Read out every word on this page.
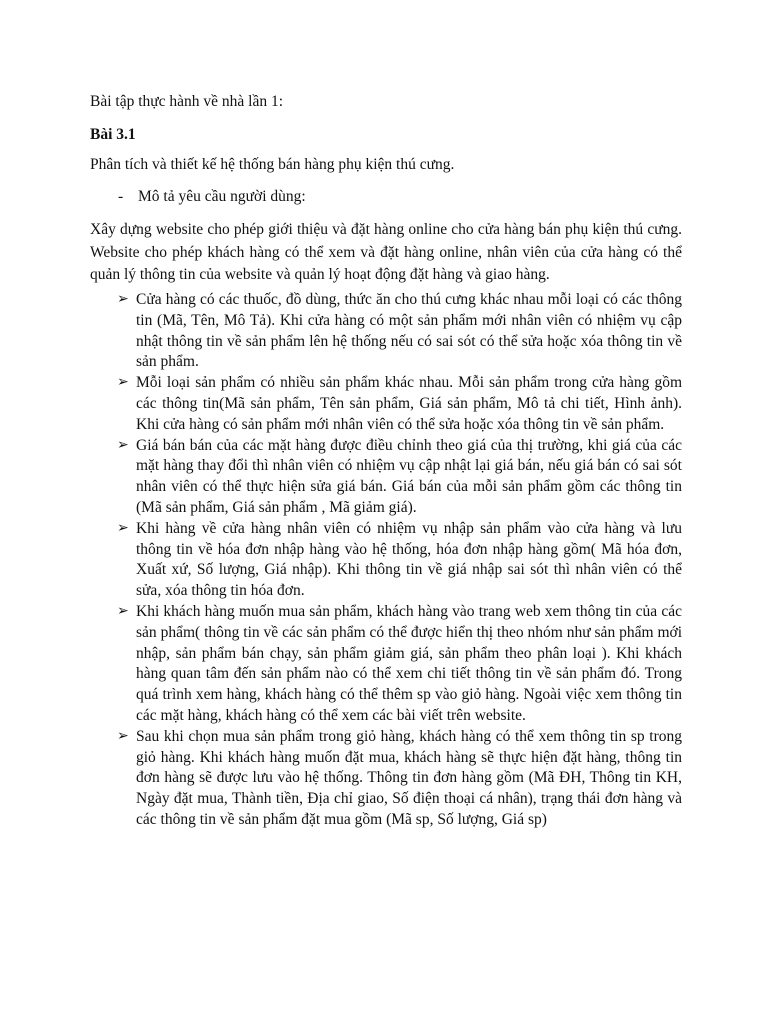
Bài tập thực hành về nhà lần 1:
Bài 3.1
Phân tích và thiết kế hệ thống bán hàng phụ kiện thú cưng.
- Mô tả yêu cầu người dùng:
Xây dựng website cho phép giới thiệu và đặt hàng online cho cửa hàng bán phụ kiện thú cưng. Website cho phép khách hàng có thể xem và đặt hàng online, nhân viên của cửa hàng có thể quản lý thông tin của website và quản lý hoạt động đặt hàng và giao hàng.
➢ Cửa hàng có các thuốc, đồ dùng, thức ăn cho thú cưng khác nhau mỗi loại có các thông tin (Mã, Tên, Mô Tả). Khi cửa hàng có một sản phẩm mới nhân viên có nhiệm vụ cập nhật thông tin về sản phẩm lên hệ thống nếu có sai sót có thể sửa hoặc xóa thông tin về sản phẩm.
➢ Mỗi loại sản phẩm có nhiều sản phẩm khác nhau. Mỗi sản phẩm trong cửa hàng gồm các thông tin(Mã sản phẩm, Tên sản phẩm, Giá sản phẩm, Mô tả chi tiết, Hình ảnh). Khi cửa hàng có sản phẩm mới nhân viên có thể sửa hoặc xóa thông tin về sản phẩm.
➢ Giá bán bán của các mặt hàng được điều chỉnh theo giá của thị trường, khi giá của các mặt hàng thay đổi thì nhân viên có nhiệm vụ cập nhật lại giá bán, nếu giá bán có sai sót nhân viên có thể thực hiện sửa giá bán. Giá bán của mỗi sản phẩm gồm các thông tin (Mã sản phẩm, Giá sản phẩm , Mã giảm giá).
➢ Khi hàng về cửa hàng nhân viên có nhiệm vụ nhập sản phẩm vào cửa hàng và lưu thông tin về hóa đơn nhập hàng vào hệ thống, hóa đơn nhập hàng gồm( Mã hóa đơn, Xuất xứ, Số lượng, Giá nhập). Khi thông tin về giá nhập sai sót thì nhân viên có thể sửa, xóa thông tin hóa đơn.
➢ Khi khách hàng muốn mua sản phẩm, khách hàng vào trang web xem thông tin của các sản phẩm( thông tin về các sản phẩm có thể được hiển thị theo nhóm như sản phẩm mới nhập, sản phẩm bán chạy, sản phẩm giảm giá, sản phẩm theo phân loại ). Khi khách hàng quan tâm đến sản phẩm nào có thể xem chi tiết thông tin về sản phẩm đó. Trong quá trình xem hàng, khách hàng có thể thêm sp vào giỏ hàng. Ngoài việc xem thông tin các mặt hàng, khách hàng có thể xem các bài viết trên website.
➢ Sau khi chọn mua sản phẩm trong giỏ hàng, khách hàng có thể xem thông tin sp trong giỏ hàng. Khi khách hàng muốn đặt mua, khách hàng sẽ thực hiện đặt hàng, thông tin đơn hàng sẽ được lưu vào hệ thống. Thông tin đơn hàng gồm (Mã ĐH, Thông tin KH, Ngày đặt mua, Thành tiền, Địa chỉ giao, Số điện thoại cá nhân), trạng thái đơn hàng và các thông tin về sản phẩm đặt mua gồm (Mã sp, Số lượng, Giá sp)
